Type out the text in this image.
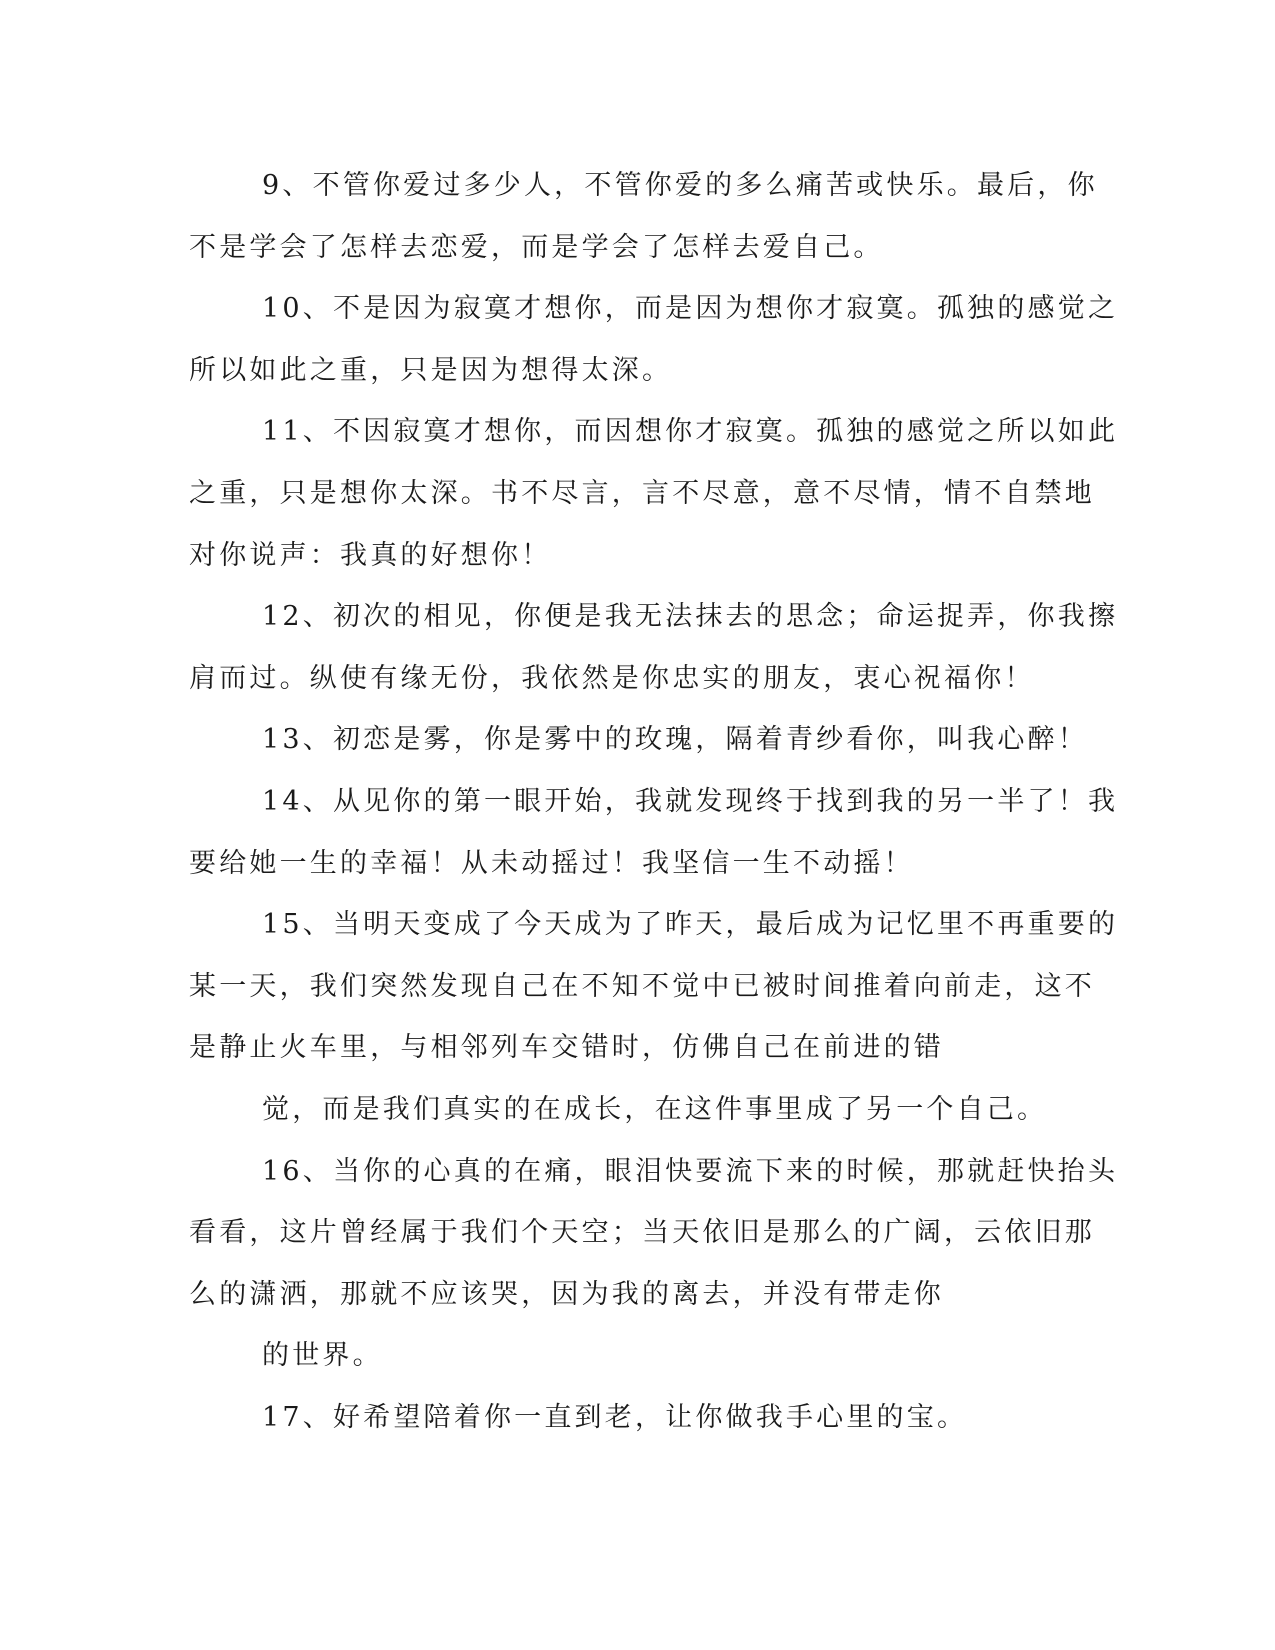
9、不管你爱过多少人，不管你爱的多么痛苦或快乐。最后，你
不是学会了怎样去恋爱，而是学会了怎样去爱自己。
10、不是因为寂寞才想你，而是因为想你才寂寞。孤独的感觉之
所以如此之重，只是因为想得太深。
11、不因寂寞才想你，而因想你才寂寞。孤独的感觉之所以如此
之重，只是想你太深。书不尽言，言不尽意，意不尽情，情不自禁地
对你说声：我真的好想你！
12、初次的相见，你便是我无法抹去的思念；命运捉弄，你我擦
肩而过。纵使有缘无份，我依然是你忠实的朋友，衷心祝福你！
13、初恋是雾，你是雾中的玫瑰，隔着青纱看你，叫我心醉！
14、从见你的第一眼开始，我就发现终于找到我的另一半了！我
要给她一生的幸福！从未动摇过！我坚信一生不动摇！
15、当明天变成了今天成为了昨天，最后成为记忆里不再重要的
某一天，我们突然发现自己在不知不觉中已被时间推着向前走，这不
是静止火车里，与相邻列车交错时，仿佛自己在前进的错
觉，而是我们真实的在成长，在这件事里成了另一个自己。
16、当你的心真的在痛，眼泪快要流下来的时候，那就赶快抬头
看看，这片曾经属于我们个天空；当天依旧是那么的广阔，云依旧那
么的潇洒，那就不应该哭，因为我的离去，并没有带走你
的世界。
17、好希望陪着你一直到老，让你做我手心里的宝。
